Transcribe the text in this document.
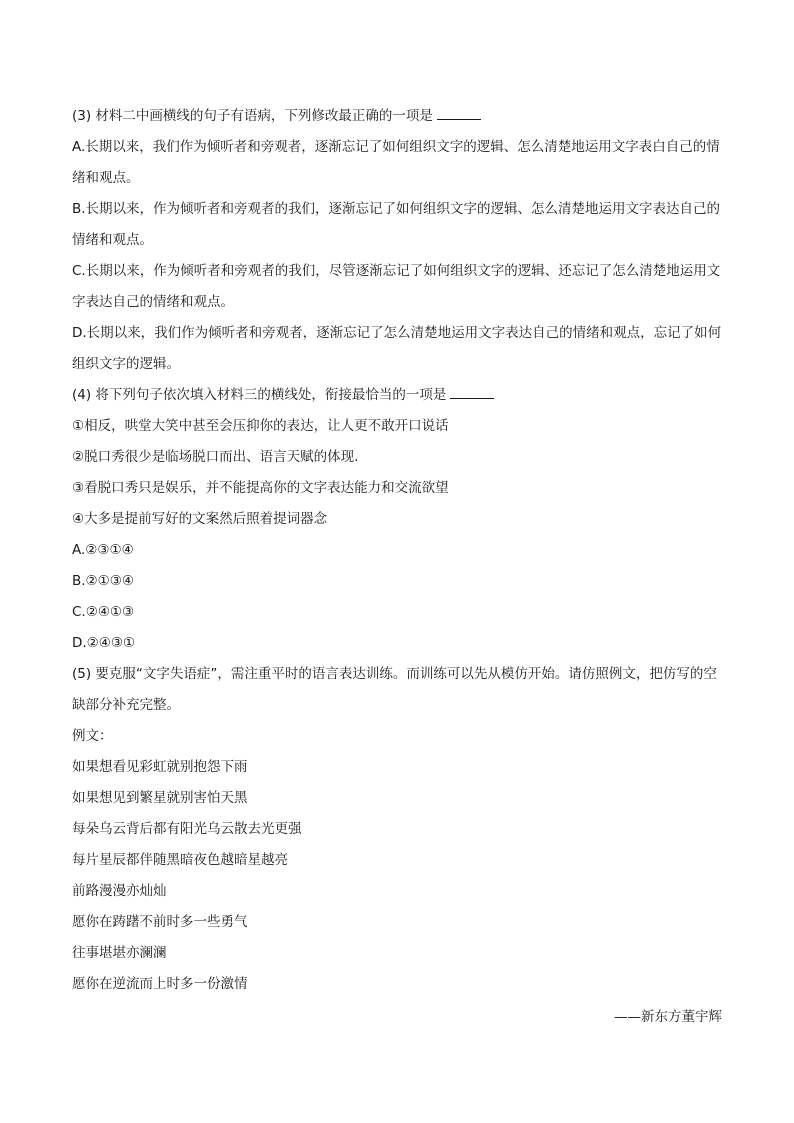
(3) 材料二中画横线的句子有语病，下列修改最正确的一项是

A.长期以来，我们作为倾听者和旁观者，逐渐忘记了如何组织文字的逻辑、怎么清楚地运用文字表白自己的情绪和观点。

B.长期以来，作为倾听者和旁观者的我们，逐渐忘记了如何组织文字的逻辑、怎么清楚地运用文字表达自己的情绪和观点。

C.长期以来，作为倾听者和旁观者的我们，尽管逐渐忘记了如何组织文字的逻辑、还忘记了怎么清楚地运用文字表达自己的情绪和观点。

D.长期以来，我们作为倾听者和旁观者，逐渐忘记了怎么清楚地运用文字表达自己的情绪和观点，忘记了如何组织文字的逻辑。

(4) 将下列句子依次填入材料三的横线处，衔接最恰当的一项是

①相反，哄堂大笑中甚至会压抑你的表达，让人更不敢开口说话

②脱口秀很少是临场脱口而出、语言天赋的体现.

③看脱口秀只是娱乐，并不能提高你的文字表达能力和交流欲望

④大多是提前写好的文案然后照着提词器念

A.②③①④

B.②①③④

C.②④①③

D.②④③①

(5) 要克服“文字失语症”，需注重平时的语言表达训练。而训练可以先从模仿开始。请仿照例文，把仿写的空缺部分补充完整。

例文：

如果想看见彩虹就别抱怨下雨

如果想见到繁星就别害怕天黑

每朵乌云背后都有阳光乌云散去光更强

每片星辰都伴随黑暗夜色越暗星越亮

前路漫漫亦灿灿

愿你在踌躇不前时多一些勇气

往事堪堪亦澜澜

愿你在逆流而上时多一份激情

——新东方董宇辉
